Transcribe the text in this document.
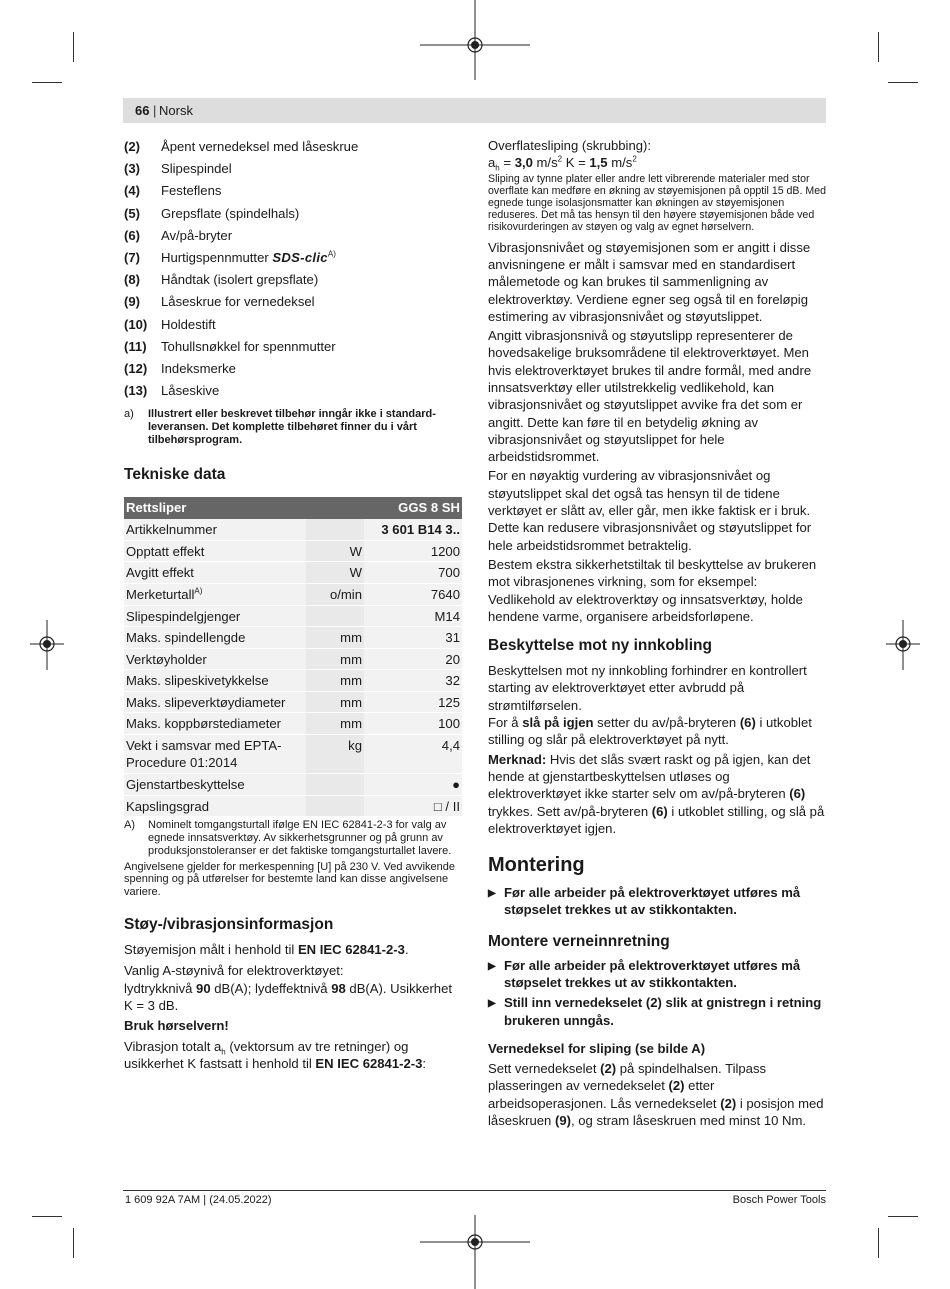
66 | Norsk
(2)	Åpent vernedeksel med låseskrue
(3)	Slipespindel
(4)	Festeflens
(5)	Grepsflate (spindelhals)
(6)	Av/på-bryter
(7)	Hurtigspennmutter SDS-clic$^{A)}$
(8)	Håndtak (isolert grepsflate)
(9)	Låseskrue for vernedeksel
(10)	Holdestift
(11)	Tohullsnøkkel for spennmutter
(12)	Indeksmerke
(13)	Låseskive
a)	Illustrert eller beskrevet tilbehør inngår ikke i standard-leveransen. Det komplette tilbehøret finner du i vårt tilbehørsprogram.
Tekniske data
Rettsliper		GGS 8 SH
Artikkelnummer		3 601 B14 3..
Opptatt effekt	W	1200
Avgitt effekt	W	700
Merketurtall$^{A)}$	o/min	7640
Slipespindelgjenger		M14
Maks. spindellengde	mm	31
Verktøyholder	mm	20
Maks. slipeskivetykkelse	mm	32
Maks. slipeverktøydiameter	mm	125
Maks. koppbørstediameter	mm	100
Vekt i samsvar med EPTA-Procedure 01:2014	kg	4,4
Gjenstartbeskyttelse		●
Kapslingsgrad		□ / II
A)	Nominelt tomgangsturtall ifølge EN IEC 62841-2-3 for valg av egnede innsatsverktøy. Av sikkerhetsgrunner og på grunn av produksjonstoleranser er det faktiske tomgangsturtallet lavere.
Angivelsene gjelder for merkespenning [U] på 230 V. Ved avvikende spenning og på utførelser for bestemte land kan disse angivelsene variere.
Støy-/vibrasjonsinformasjon

Støyemisjon målt i henhold til EN IEC 62841-2-3.

Vanlig A-støynivå for elektroverktøyet:
lydtrykknivå 90 dB(A); lydeffektnivå 98 dB(A). Usikkerhet K = 3 dB.

Bruk hørselvern!

Vibrasjon totalt $a_h$ (vektorsum av tre retninger) og usikkerhet K fastsatt i henhold til EN IEC 62841-2-3:

Overflatesliping (skrubbing):
$a_h = 3,0$ $m/s^2$ K = 1,5 $m/s^2$
Sliping av tynne plater eller andre lett vibrerende materialer med stor overflate kan medføre en økning av støyemisjonen på opptil 15 dB. Med egnede tunge isolasjonsmatter kan økningen av støyemisjonen reduseres. Det må tas hensyn til den høyere støyemisjonen både ved risikovurderingen av støyen og valg av egnet hørselvern.

Vibrasjonsnivået og støyemisjonen som er angitt i disse anvisningene er målt i samsvar med en standardisert målemetode og kan brukes til sammenligning av elektroverktøy. Verdiene egner seg også til en foreløpig estimering av vibrasjonsnivået og støyutslippet.

Angitt vibrasjonsnivå og støyutslipp representerer de hovedsakelige bruksområdene til elektroverktøyet. Men hvis elektroverktøyet brukes til andre formål, med andre innsatsverktøy eller utilstrekkelig vedlikehold, kan vibrasjonsnivået og støyutslippet avvike fra det som er angitt. Dette kan føre til en betydelig økning av vibrasjonsnivået og støyutslippet for hele arbeidstidsrommet.

For en nøyaktig vurdering av vibrasjonsnivået og støyutslippet skal det også tas hensyn til de tidene verktøyet er slått av, eller går, men ikke faktisk er i bruk. Dette kan redusere vibrasjonsnivået og støyutslippet for hele arbeidstidsrommet betraktelig.

Bestem ekstra sikkerhetstiltak til beskyttelse av brukeren mot vibrasjonenes virkning, som for eksempel: Vedlikehold av elektroverktøy og innsatsverktøy, holde hendene varme, organisere arbeidsforløpene.

Beskyttelse mot ny innkobling

Beskyttelsen mot ny innkobling forhindrer en kontrollert starting av elektroverktøyet etter avbrudd på strømtilførselen.

For å slå på igjen setter du av/på-bryteren (6) i utkoblet stilling og slår på elektroverktøyet på nytt.

Merknad: Hvis det slås svært raskt og på igjen, kan det hende at gjenstartbeskyttelsen utløses og elektroverktøyet ikke starter selv om av/på-bryteren (6) trykkes. Sett av/på-bryteren (6) i utkoblet stilling, og slå på elektroverktøyet igjen.

Montering
▶ Før alle arbeider på elektroverktøyet utføres må støpselet trekkes ut av stikkontakten.
Montere verneinnretning
▶ Før alle arbeider på elektroverktøyet utføres må støpselet trekkes ut av stikkontakten.
▶ Still inn vernedekselet (2) slik at gnistregn i retning brukeren unngås.
Vernedeksel for sliping (se bilde A)

Sett vernedekselet (2) på spindelhalsen. Tilpass plasseringen av vernedekselet (2) etter arbeidsoperasjonen. Lås vernedekselet (2) i posisjon med låseskruen (9), og stram låseskruen med minst 10 Nm.

1 609 92A 7AM | (24.05.2022)	Bosch Power Tools
